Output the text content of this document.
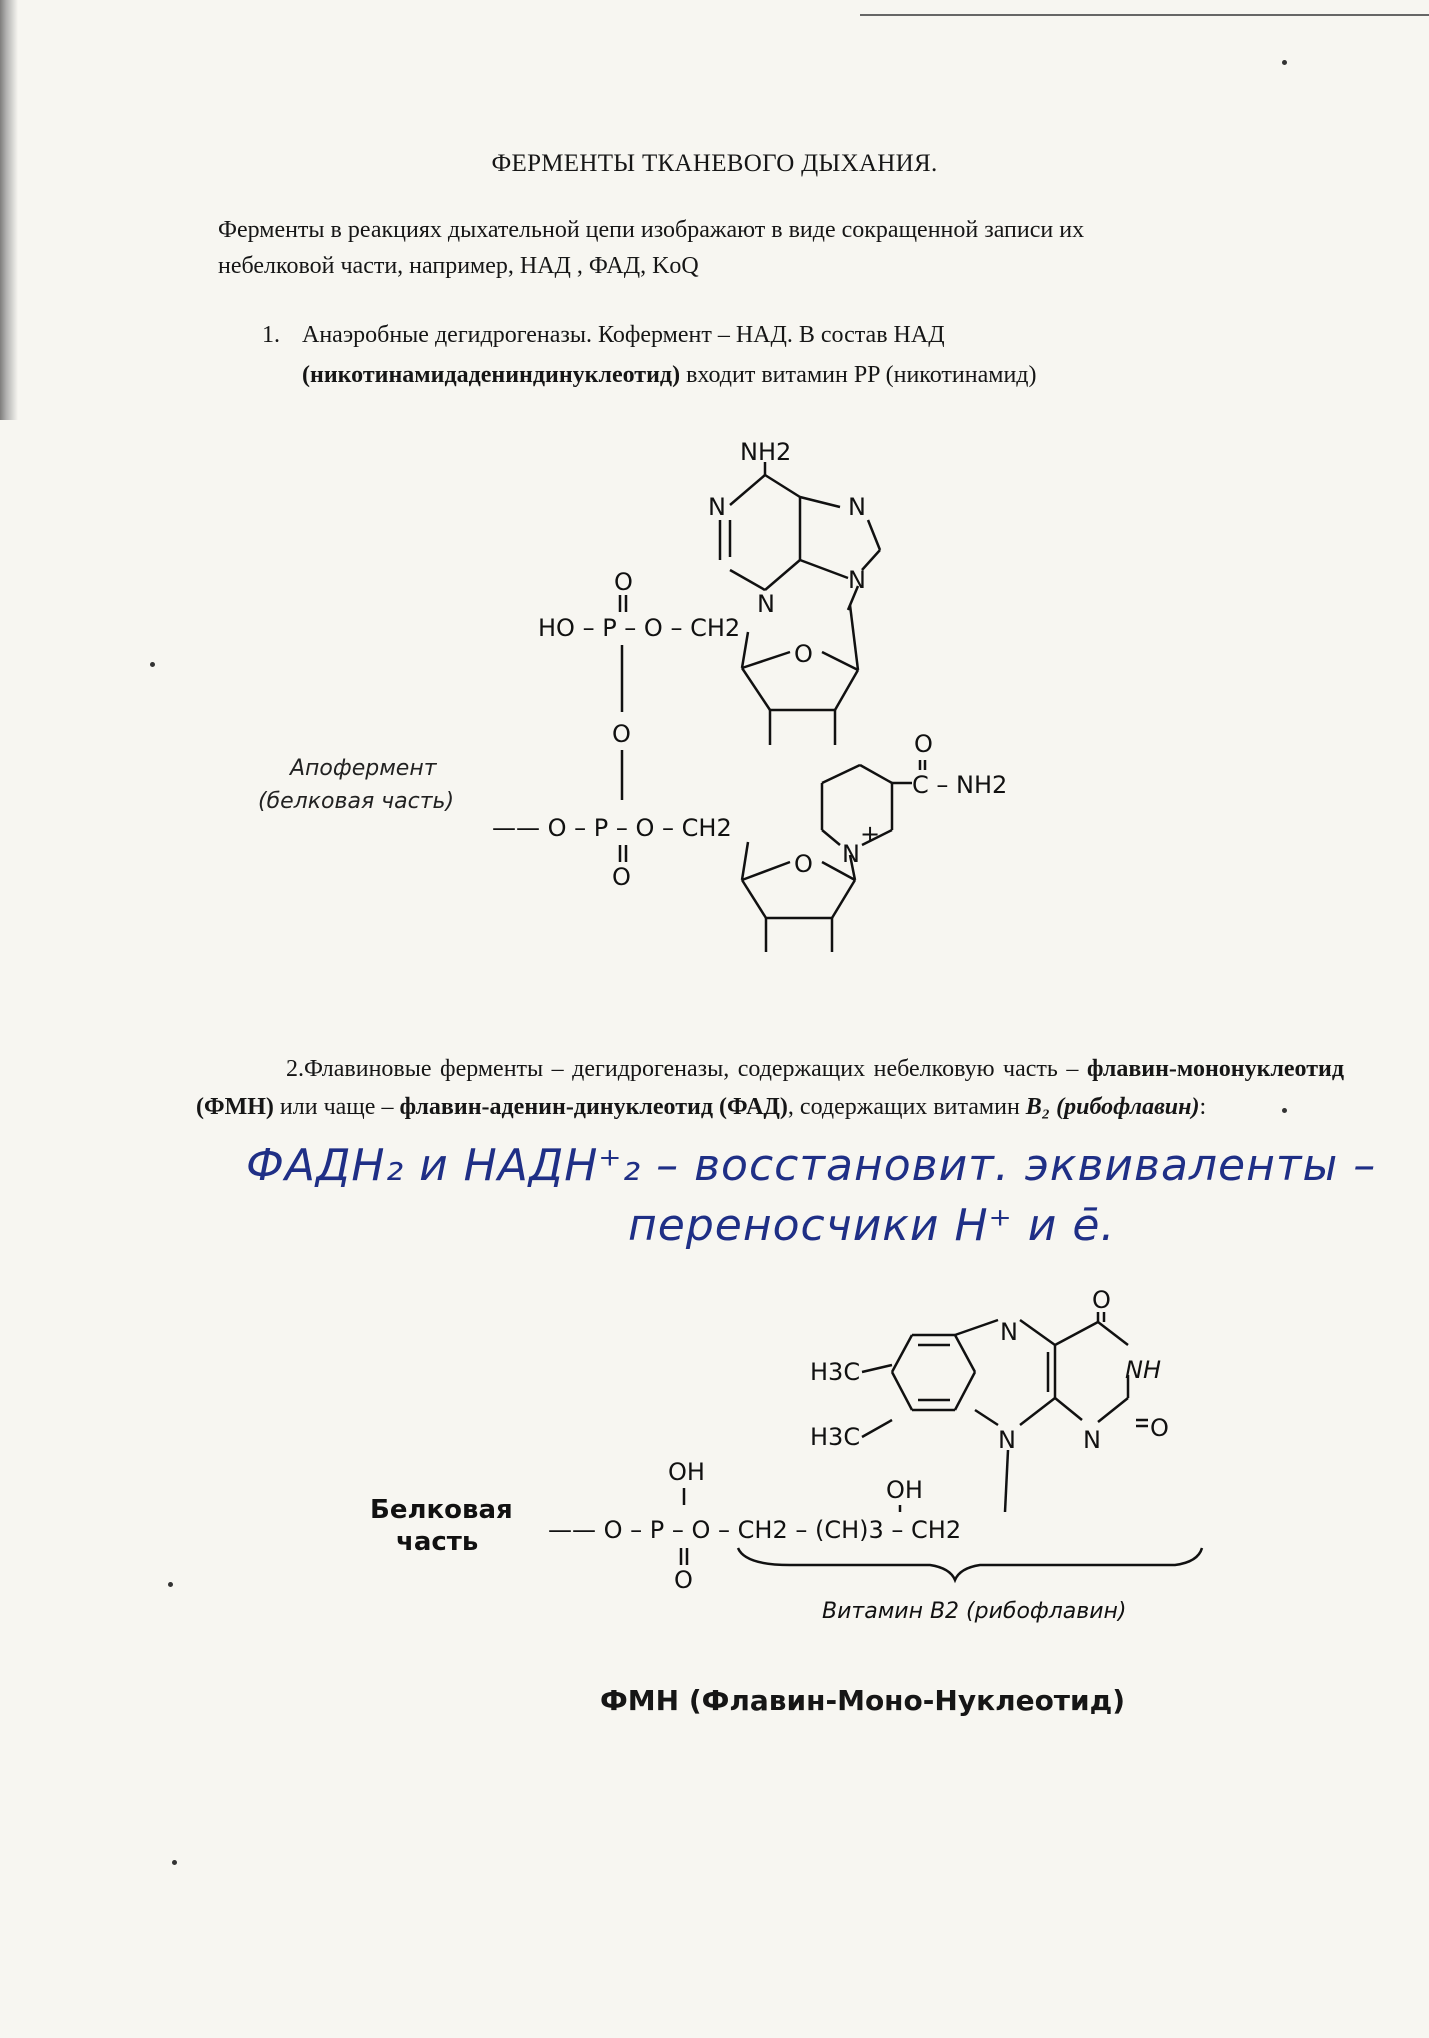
ФЕРМЕНТЫ ТКАНЕВОГО ДЫХАНИЯ.
Ферменты в реакциях дыхательной цепи изображают в виде сокращенной записи их
небелковой части, например, НАД , ФАД, KoQ
1. Анаэробные дегидрогеназы. Кофермент – НАД. В состав НАД
(никотинамидадениндинуклеотид) входит витамин PP (никотинамид)
NH2
N	N
N
N
O
HO – P – O – CH2
O
O
O
C – NH2
N
+
—— O – P – O – CH2
O	O
Апофермент
(белковая часть)
2.Флавиновые ферменты – дегидрогеназы, содержащих небелковую часть – флавин-мононуклеотид (ФМН) или чаще – флавин-аденин-динуклеотид (ФАД), содержащих витамин B₂ (рибофлавин):
ФАДН₂ и НАДН⁺₂ – восстановит. эквиваленты –
переносчики H⁺ и ē.
H3C
H3C
N
O
NH
N	N O
OH
OH
—— O – P – O – CH2 – (CH)3 – CH2
O
Белковая
часть
Витамин B2 (рибофлавин)
ФМН (Флавин-Моно-Нуклеотид)
